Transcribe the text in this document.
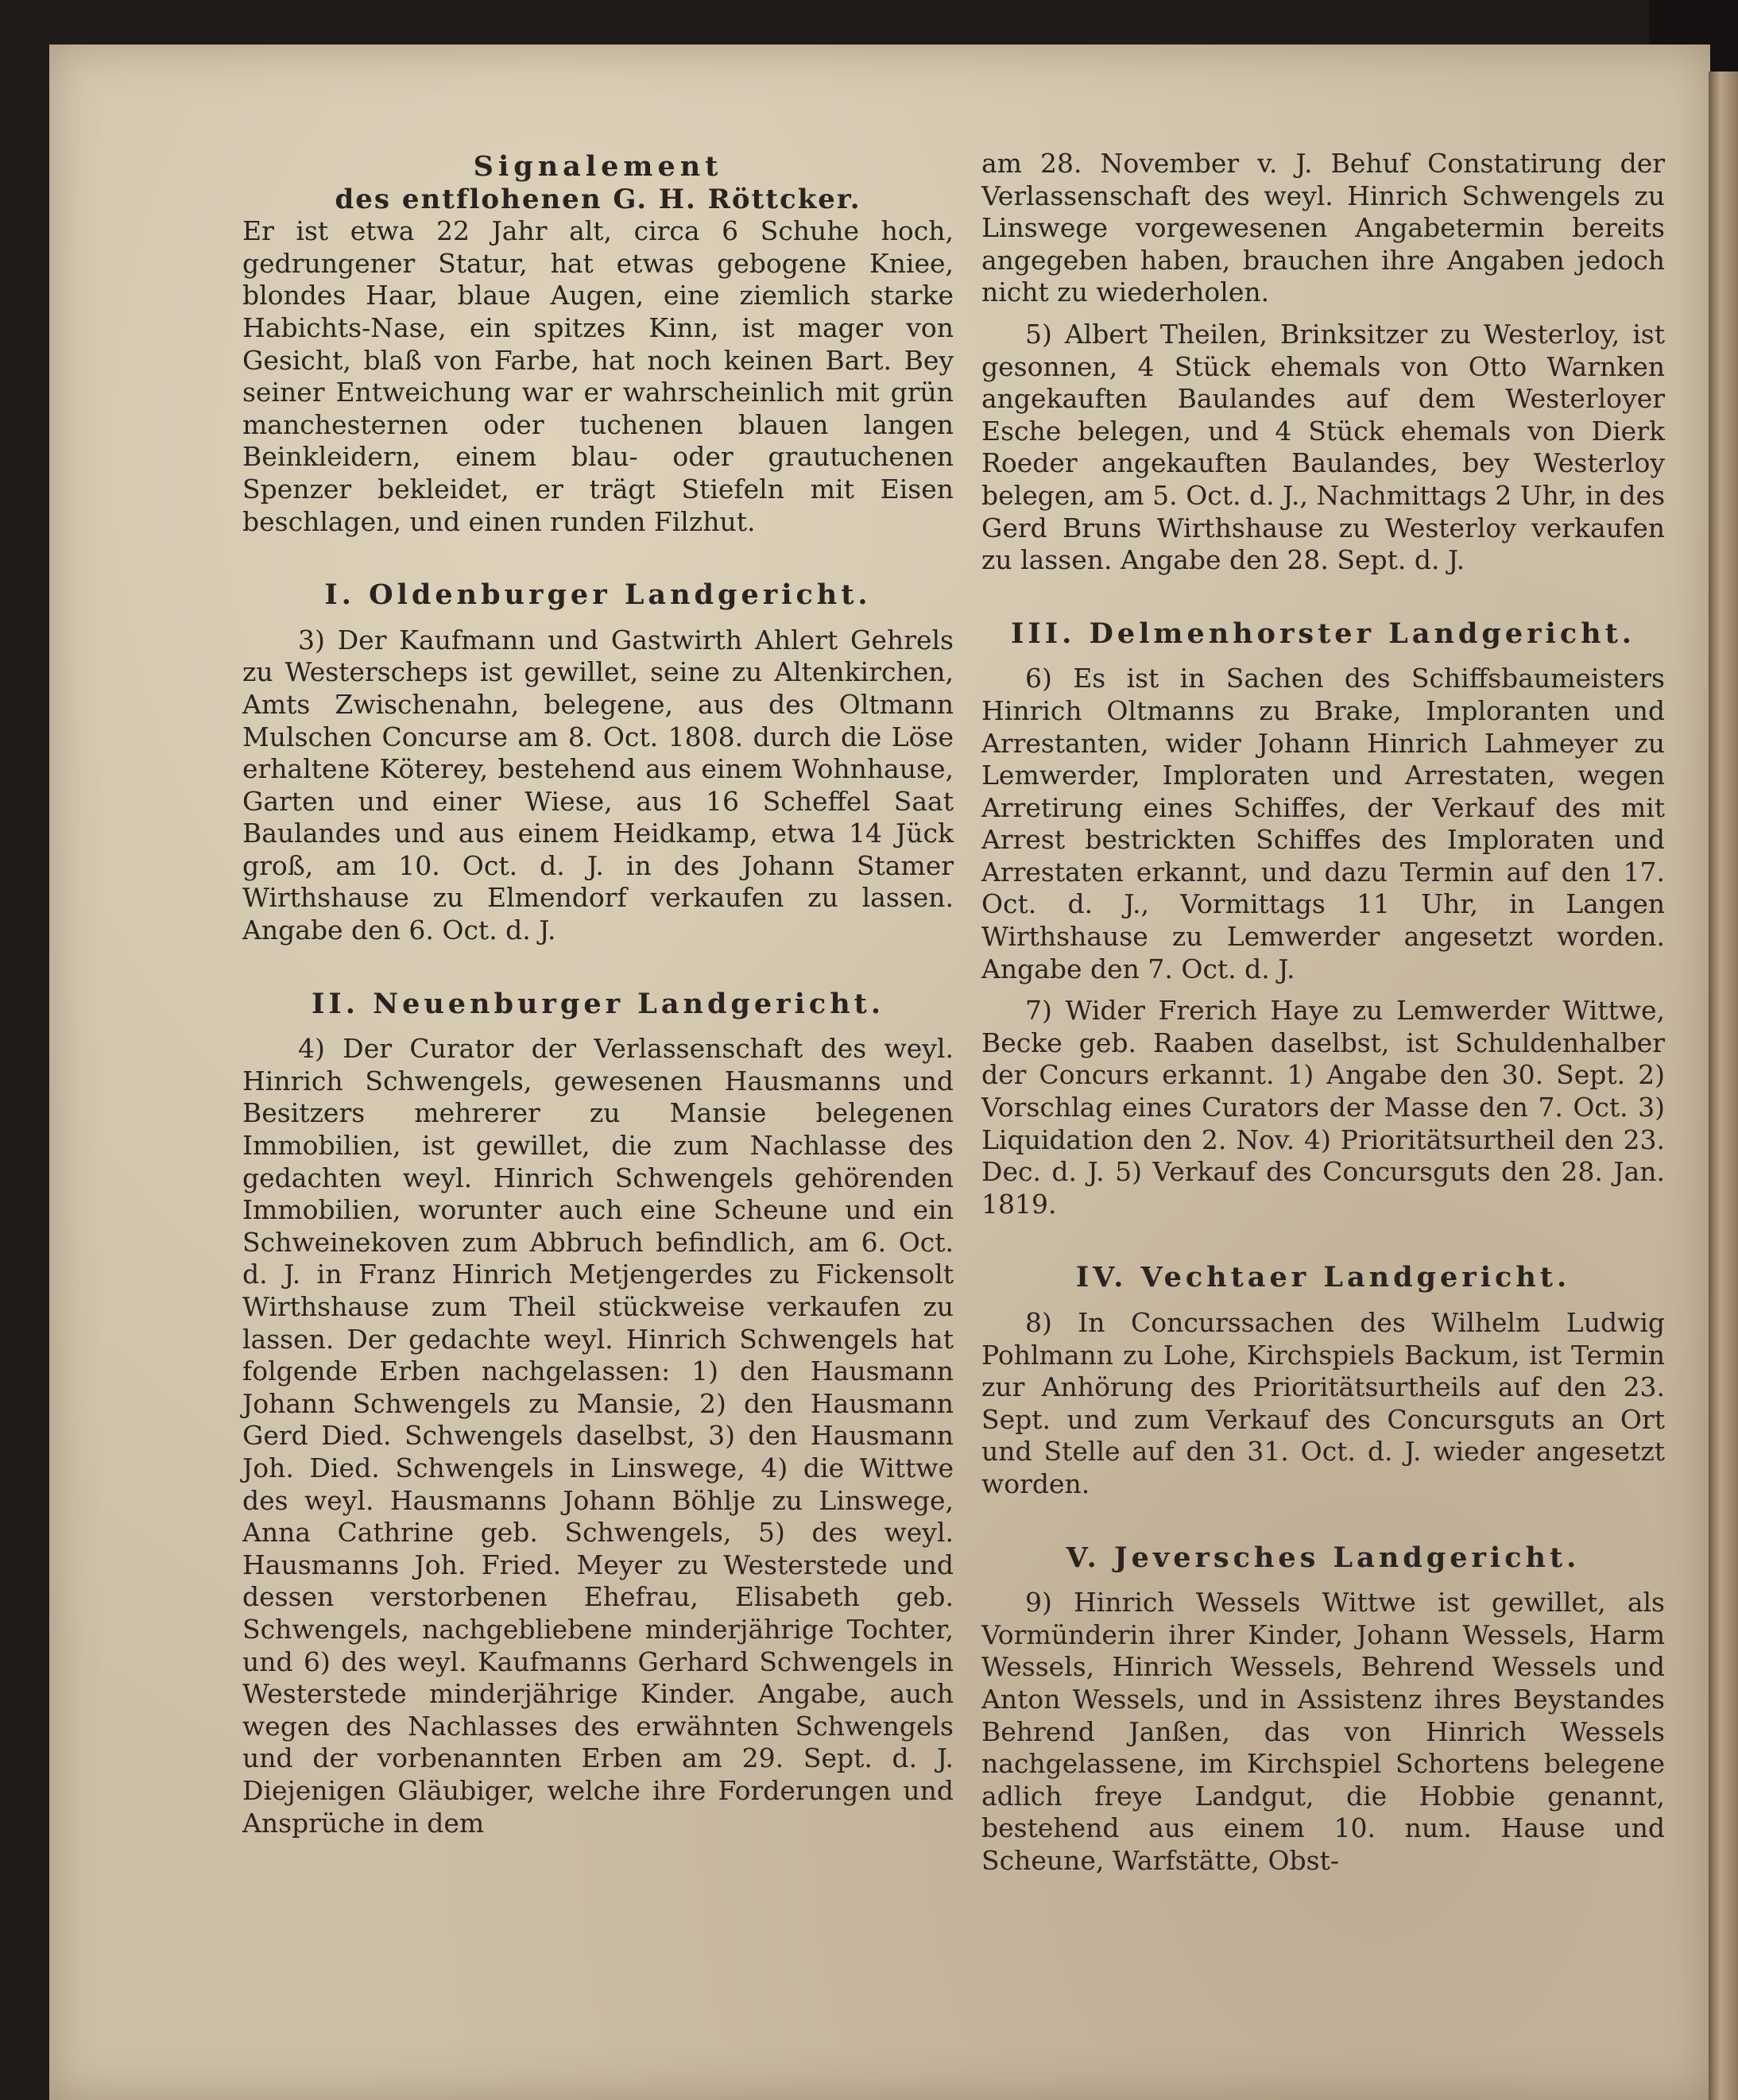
Signalement
des entflohenen G. H. Röttcker.

Er ist etwa 22 Jahr alt, circa 6 Schuhe hoch, gedrungener Statur, hat etwas gebogene Kniee, blondes Haar, blaue Augen, eine ziemlich starke Habichts-Nase, ein spitzes Kinn, ist mager von Gesicht, blaß von Farbe, hat noch keinen Bart. Bey seiner Entweichung war er wahrscheinlich mit grün manchesternen oder tuchenen blauen langen Beinkleidern, einem blau- oder grautuchenen Spenzer bekleidet, er trägt Stiefeln mit Eisen beschlagen, und einen runden Filzhut.

I. Oldenburger Landgericht.

3) Der Kaufmann und Gastwirth Ahlert Gehrels zu Westerscheps ist gewillet, seine zu Altenkirchen, Amts Zwischenahn, belegene, aus des Oltmann Mulschen Concurse am 8. Oct. 1808. durch die Löse erhaltene Köterey, bestehend aus einem Wohnhause, Garten und einer Wiese, aus 16 Scheffel Saat Baulandes und aus einem Heidkamp, etwa 14 Jück groß, am 10. Oct. d. J. in des Johann Stamer Wirthshause zu Elmendorf verkaufen zu lassen. Angabe den 6. Oct. d. J.

II. Neuenburger Landgericht.

4) Der Curator der Verlassenschaft des weyl. Hinrich Schwengels, gewesenen Hausmanns und Besitzers mehrerer zu Mansie belegenen Immobilien, ist gewillet, die zum Nachlasse des gedachten weyl. Hinrich Schwengels gehörenden Immobilien, worunter auch eine Scheune und ein Schweinekoven zum Abbruch befindlich, am 6. Oct. d. J. in Franz Hinrich Metjengerdes zu Fickensolt Wirthshause zum Theil stückweise verkaufen zu lassen. Der gedachte weyl. Hinrich Schwengels hat folgende Erben nachgelassen: 1) den Hausmann Johann Schwengels zu Mansie, 2) den Hausmann Gerd Died. Schwengels daselbst, 3) den Hausmann Joh. Died. Schwengels in Linswege, 4) die Wittwe des weyl. Hausmanns Johann Böhlje zu Linswege, Anna Cathrine geb. Schwengels, 5) des weyl. Hausmanns Joh. Fried. Meyer zu Westerstede und dessen verstorbenen Ehefrau, Elisabeth geb. Schwengels, nachgebliebene minderjährige Tochter, und 6) des weyl. Kaufmanns Gerhard Schwengels in Westerstede minderjährige Kinder. Angabe, auch wegen des Nachlasses des erwähnten Schwengels und der vorbenannten Erben am 29. Sept. d. J. Diejenigen Gläubiger, welche ihre Forderungen und Ansprüche in dem

am 28. November v. J. Behuf Constatirung der Verlassenschaft des weyl. Hinrich Schwengels zu Linswege vorgewesenen Angabetermin bereits angegeben haben, brauchen ihre Angaben jedoch nicht zu wiederholen.

5) Albert Theilen, Brinksitzer zu Westerloy, ist gesonnen, 4 Stück ehemals von Otto Warnken angekauften Baulandes auf dem Westerloyer Esche belegen, und 4 Stück ehemals von Dierk Roeder angekauften Baulandes, bey Westerloy belegen, am 5. Oct. d. J., Nachmittags 2 Uhr, in des Gerd Bruns Wirthshause zu Westerloy verkaufen zu lassen. Angabe den 28. Sept. d. J.

III. Delmenhorster Landgericht.

6) Es ist in Sachen des Schiffsbaumeisters Hinrich Oltmanns zu Brake, Imploranten und Arrestanten, wider Johann Hinrich Lahmeyer zu Lemwerder, Imploraten und Arrestaten, wegen Arretirung eines Schiffes, der Verkauf des mit Arrest bestrickten Schiffes des Imploraten und Arrestaten erkannt, und dazu Termin auf den 17. Oct. d. J., Vormittags 11 Uhr, in Langen Wirthshause zu Lemwerder angesetzt worden. Angabe den 7. Oct. d. J.

7) Wider Frerich Haye zu Lemwerder Wittwe, Becke geb. Raaben daselbst, ist Schuldenhalber der Concurs erkannt. 1) Angabe den 30. Sept. 2) Vorschlag eines Curators der Masse den 7. Oct. 3) Liquidation den 2. Nov. 4) Prioritätsurtheil den 23. Dec. d. J. 5) Verkauf des Concursguts den 28. Jan. 1819.

IV. Vechtaer Landgericht.

8) In Concurssachen des Wilhelm Ludwig Pohlmann zu Lohe, Kirchspiels Backum, ist Termin zur Anhörung des Prioritätsurtheils auf den 23. Sept. und zum Verkauf des Concursguts an Ort und Stelle auf den 31. Oct. d. J. wieder angesetzt worden.

V. Jeversches Landgericht.

9) Hinrich Wessels Wittwe ist gewillet, als Vormünderin ihrer Kinder, Johann Wessels, Harm Wessels, Hinrich Wessels, Behrend Wessels und Anton Wessels, und in Assistenz ihres Beystandes Behrend Janßen, das von Hinrich Wessels nachgelassene, im Kirchspiel Schortens belegene adlich freye Landgut, die Hobbie genannt, bestehend aus einem 10. num. Hause und Scheune, Warfstätte, Obst-
